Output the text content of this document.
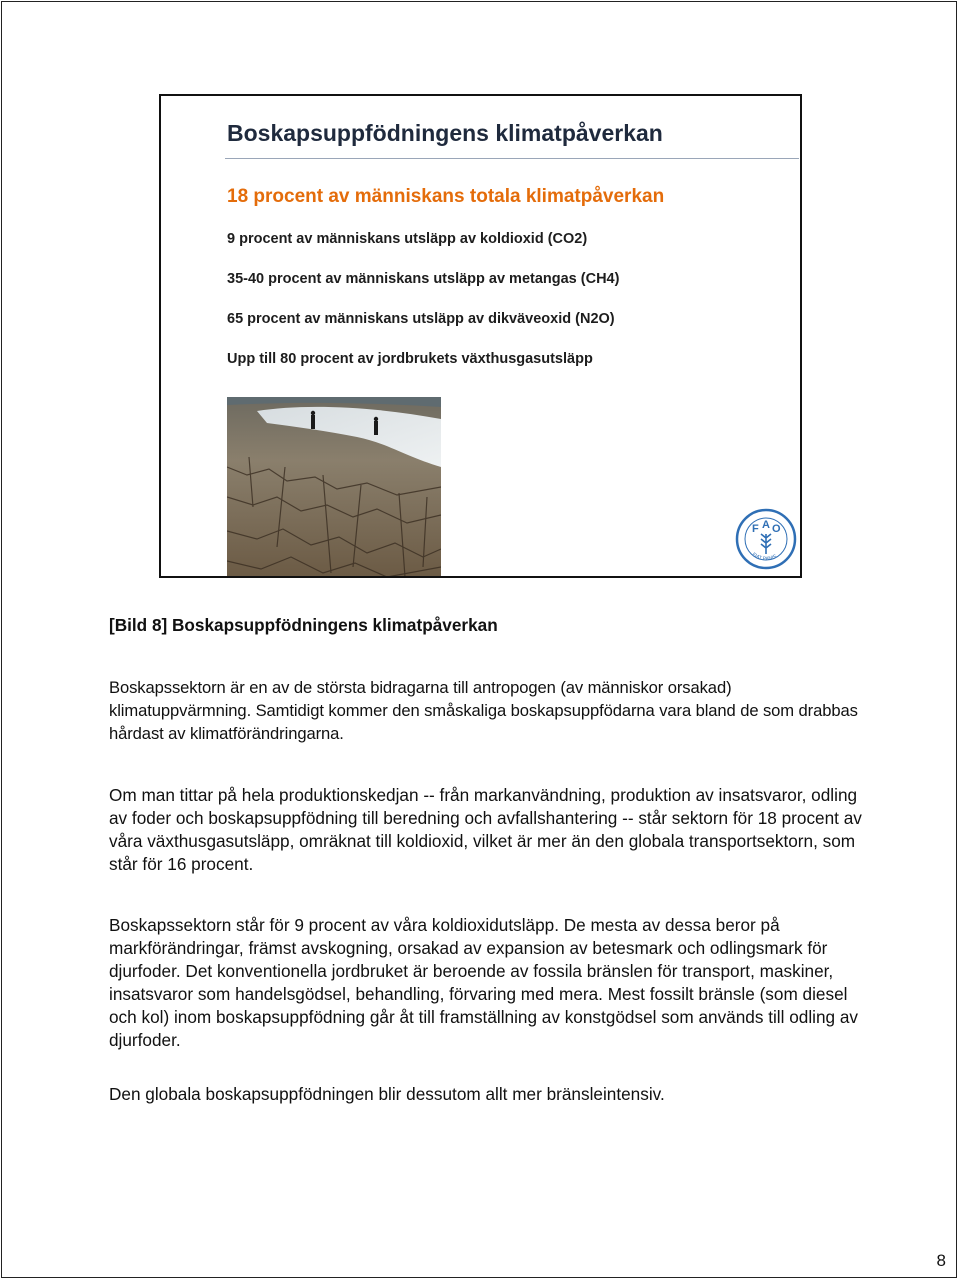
Boskapsuppfödningens klimatpåverkan

18 procent av människans totala klimatpåverkan

9 procent av människans utsläpp av koldioxid (CO2)

35-40 procent av människans utsläpp av metangas (CH4)

65 procent av människans utsläpp av dikväveoxid (N2O)

Upp till 80 procent av jordbrukets växthusgasutsläpp

F A O
FIAT PANIS
[Bild 8] Boskapsuppfödningens klimatpåverkan

Boskapssektorn är en av de största bidragarna till antropogen (av människor orsakad) klimatuppvärmning. Samtidigt kommer den småskaliga boskapsuppfödarna vara bland de som drabbas hårdast av klimatförändringarna.

Om man tittar på hela produktionskedjan -- från markanvändning, produktion av insatsvaror, odling av foder och boskapsuppfödning till beredning och avfallshantering -- står sektorn för 18 procent av våra växthusgasutsläpp, omräknat till koldioxid, vilket är mer än den globala transportsektorn, som står för 16 procent.

Boskapssektorn står för 9 procent av våra koldioxidutsläpp. De mesta av dessa beror på markförändringar, främst avskogning, orsakad av expansion av betesmark och odlingsmark för djurfoder. Det konventionella jordbruket är beroende av fossila bränslen för transport, maskiner, insatsvaror som handelsgödsel, behandling, förvaring med mera. Mest fossilt bränsle (som diesel och kol) inom boskapsuppfödning går åt till framställning av konstgödsel som används till odling av djurfoder.

Den globala boskapsuppfödningen blir dessutom allt mer bränsleintensiv.

8
